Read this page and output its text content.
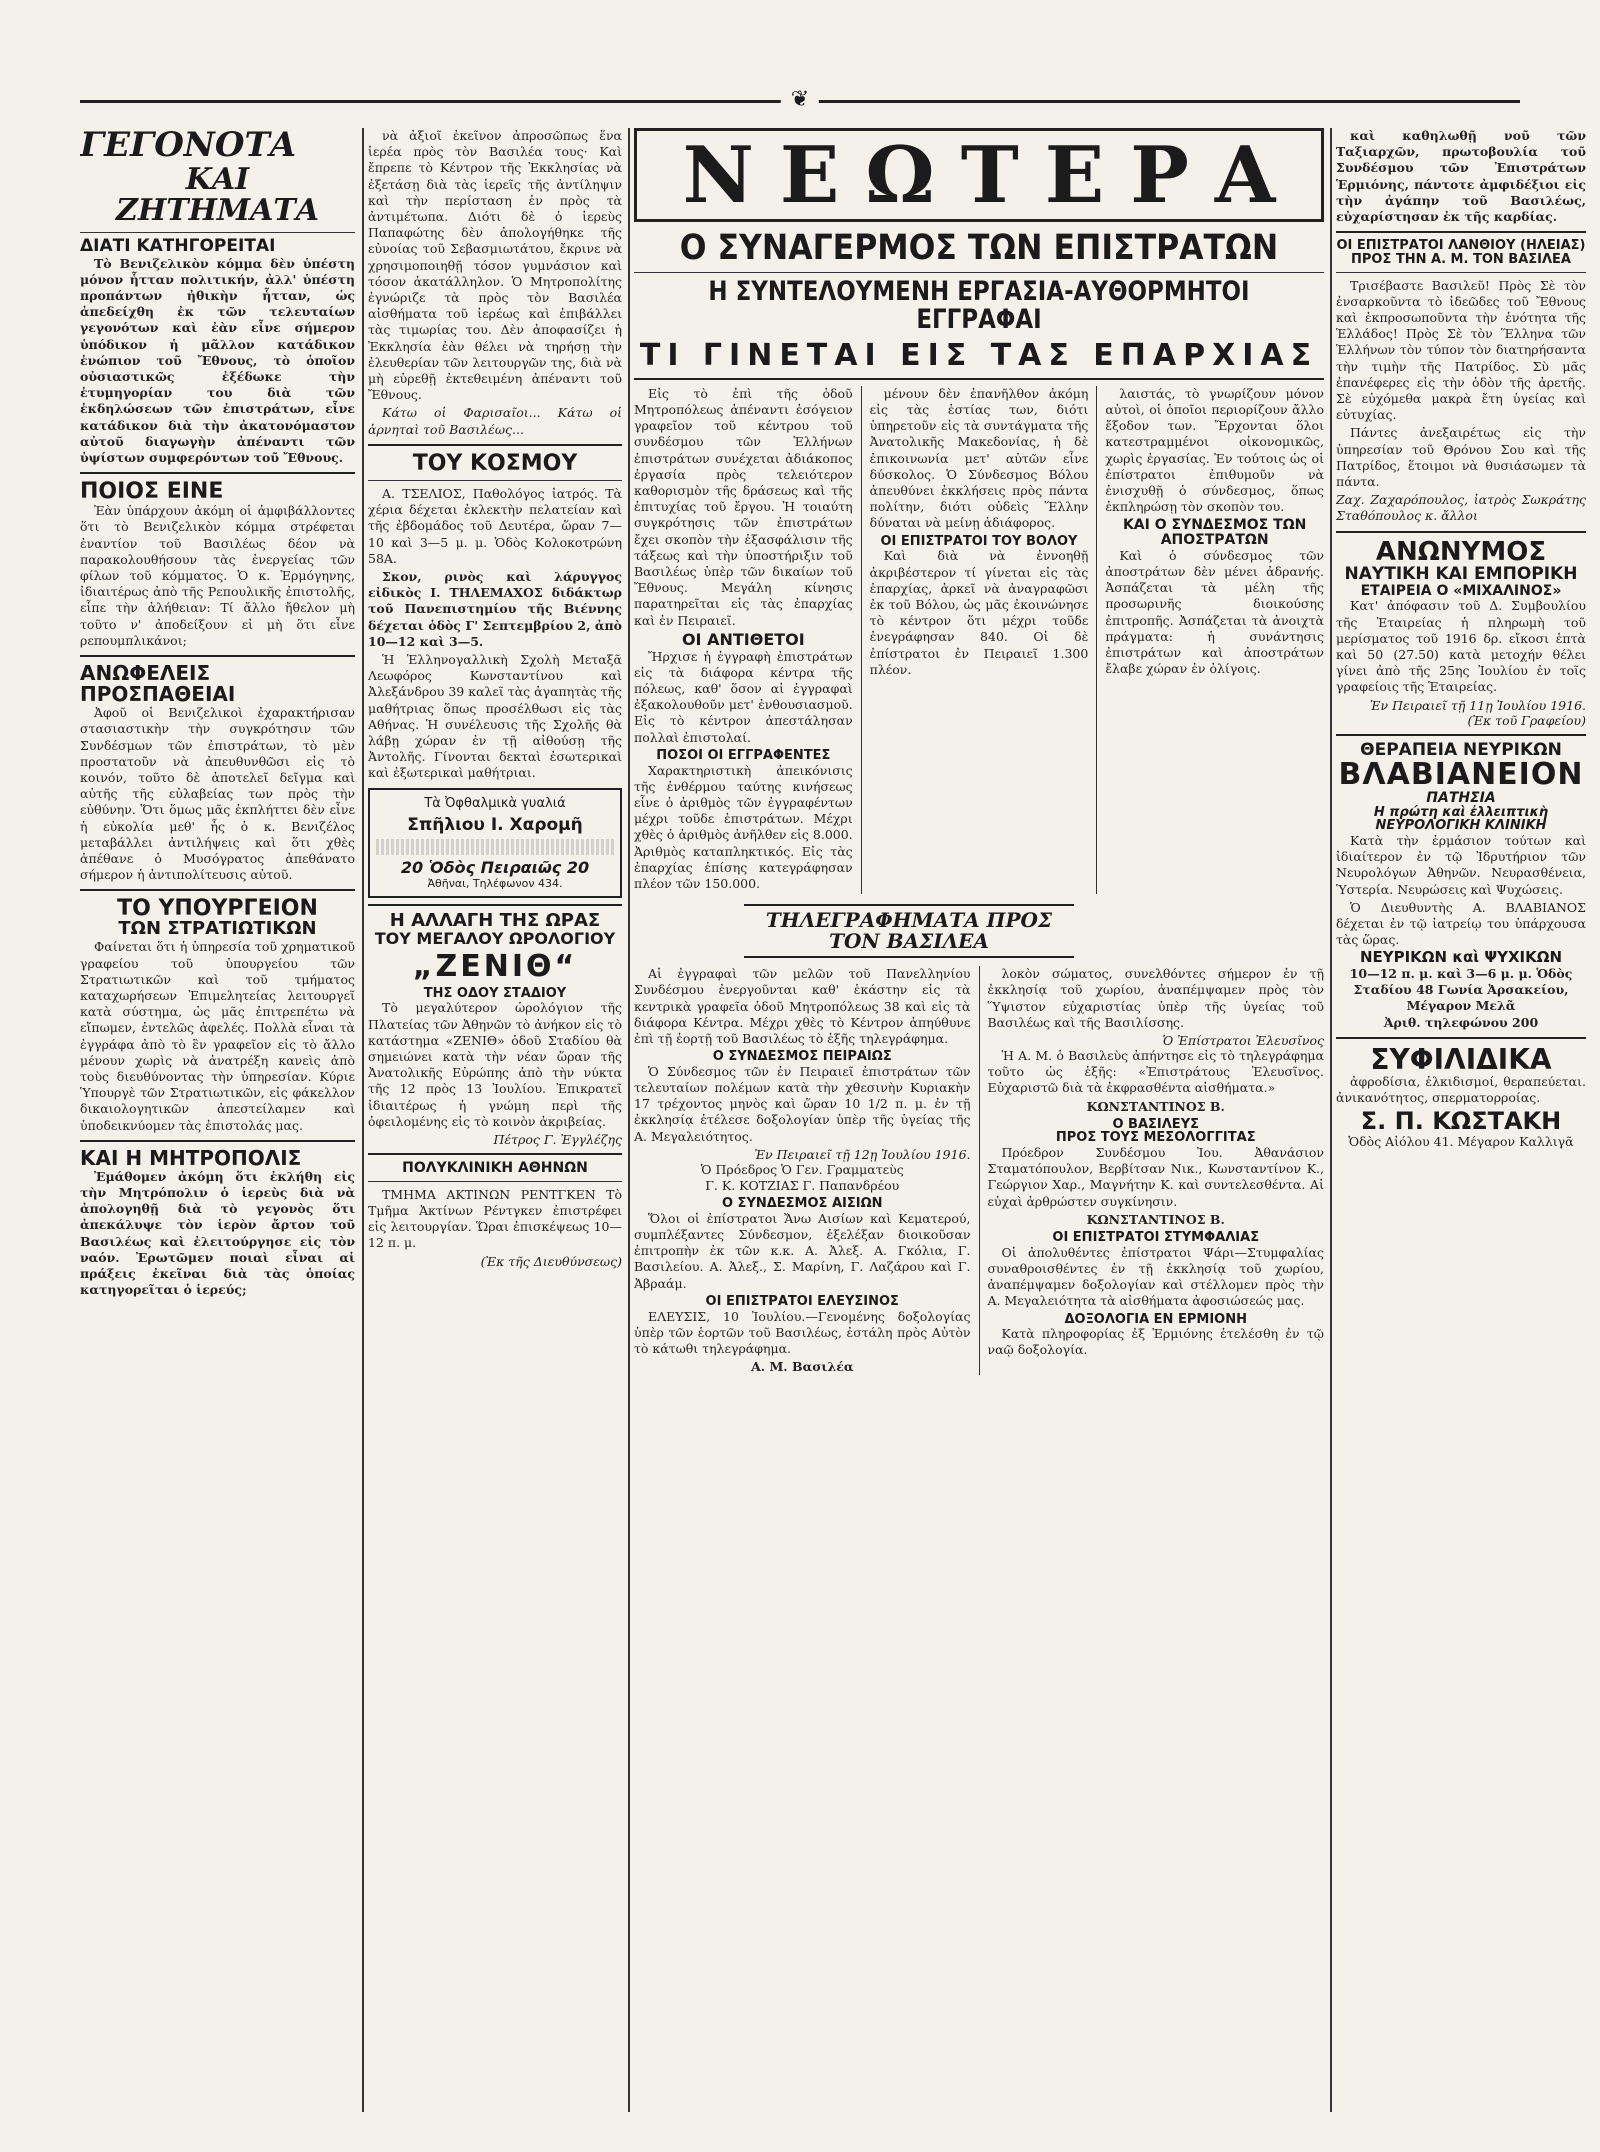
❦
ΓΕΓΟΝΟΤΑ
ΚΑΙ ΖΗΤΗΜΑΤΑ
ΔΙΑΤΙ ΚΑΤΗΓΟΡΕΙΤΑΙ

Τὸ Βενιζελικὸν κόμμα δὲν ὑπέστη μόνον ἧτταν πολιτικήν, ἀλλ' ὑπέστη προπάντων ἠθικὴν ἧτταν, ὡς ἀπεδείχθη ἐκ τῶν τελευταίων γεγονότων καὶ ἐὰν εἶνε σήμερον ὑπόδικον ἡ μᾶλλον κατάδικον ἐνώπιον τοῦ Ἔθνους, τὸ ὁποῖον οὐσιαστικῶς ἐξέδωκε τὴν ἐτυμηγορίαν του διὰ τῶν ἐκδηλώσεων τῶν ἐπιστράτων, εἶνε κατάδικον διὰ τὴν ἀκατονόμαστον αὐτοῦ διαγωγὴν ἀπέναντι τῶν ὑψίστων συμφερόντων τοῦ Ἔθνους.

ΠΟΙΟΣ ΕΙΝΕ

Ἐὰν ὑπάρχουν ἀκόμη οἱ ἀμφιβάλλοντες ὅτι τὸ Βενιζελικὸν κόμμα στρέφεται ἐναντίον τοῦ Βασιλέως δέον νὰ παρακολουθήσουν τὰς ἐνεργείας τῶν φίλων τοῦ κόμματος. Ὁ κ. Ἑρμόγηνης, ἰδιαιτέρως ἀπὸ τῆς Ρεπουλικῆς ἐπιστολῆς, εἶπε τὴν ἀλήθειαν: Τί ἄλλο ἤθελον μὴ τοῦτο ν' ἀποδείξουν εἰ μὴ ὅτι εἶνε ρεπουμπλικάνοι;

ΑΝΩΦΕΛΕΙΣ ΠΡΟΣΠΑΘΕΙΑΙ

Ἀφοῦ οἱ Βενιζελικοὶ ἐχαρακτήρισαν στασιαστικὴν τὴν συγκρότησιν τῶν Συνδέσμων τῶν ἐπιστράτων, τὸ μὲν προστατοῦν νὰ ἀπευθυνθῶσι εἰς τὸ κοινόν, τοῦτο δὲ ἀποτελεῖ δεῖγμα καὶ αὐτῆς τῆς εὐλαβείας των πρὸς τὴν εὐθύνην. Ὅτι ὅμως μᾶς ἐκπλήττει δὲν εἶνε ἡ εὐκολία μεθ' ἧς ὁ κ. Βενιζέλος μεταβάλλει ἀντιλήψεις καὶ ὅτι χθὲς ἀπέθανε ὁ Μυσόγρατος ἀπεθάνατο σήμερον ἡ ἀντιπολίτευσις αὐτοῦ.

ΤΟ ΥΠΟΥΡΓΕΙΟΝ
ΤΩΝ ΣΤΡΑΤΙΩΤΙΚΩΝ

Φαίνεται ὅτι ἡ ὑπηρεσία τοῦ χρηματικοῦ γραφείου τοῦ ὑπουργείου τῶν Στρατιωτικῶν καὶ τοῦ τμήματος καταχωρήσεων Ἐπιμελητείας λειτουργεῖ κατὰ σύστημα, ὡς μᾶς ἐπιτρεπέτω νὰ εἴπωμεν, ἐντελῶς ἀφελές. Πολλὰ εἶναι τὰ ἐγγράφα ἀπὸ τὸ ἓν γραφεῖον εἰς τὸ ἄλλο μένουν χωρὶς νὰ ἀνατρέξη κανεὶς ἀπὸ τοὺς διευθύνοντας τὴν ὑπηρεσίαν. Κύριε Ὑπουργὲ τῶν Στρατιωτικῶν, εἰς φάκελλον δικαιολογητικῶν ἀπεστείλαμεν καὶ ὑποδεικνύομεν τὰς ἐπιστολάς μας.

ΚΑΙ Η ΜΗΤΡΟΠΟΛΙΣ

Ἐμάθομεν ἀκόμη ὅτι ἐκλήθη εἰς τὴν Μητρόπολιν ὁ ἱερεὺς διὰ νὰ ἀπολογηθῇ διὰ τὸ γεγονὸς ὅτι ἀπεκάλυψε τὸν ἱερὸν ἄρτον τοῦ Βασιλέως καὶ ἐλειτούργησε εἰς τὸν ναόν. Ἐρωτῶμεν ποιαὶ εἶναι αἱ πράξεις ἐκεῖναι διὰ τὰς ὁποίας κατηγορεῖται ὁ ἱερεύς;

νὰ ἀξιοῖ ἐκεῖνον ἀπροσῶπως ἕνα ἱερέα πρὸς τὸν Βασιλέα τους· Καὶ ἔπρεπε τὸ Κέντρον τῆς Ἐκκλησίας νὰ ἐξετάσῃ διὰ τὰς ἱερεῖς τῆς ἀντίληψιν καὶ τὴν περίσταση ἐν πρὸς τὰ ἀντιμέτωπα. Διότι δὲ ὁ ἱερεὺς Παπαφώτης δὲν ἀπολογήθηκε τῆς εὐνοίας τοῦ Σεβασμιωτάτου, ἔκρινε νὰ χρησιμοποιηθῇ τόσον γυμνάσιον καὶ τόσον ἀκατάλληλον. Ὁ Μητροπολίτης ἐγνώριζε τὰ πρὸς τὸν Βασιλέα αἰσθήματα τοῦ ἱερέως καὶ ἐπιβάλλει τὰς τιμωρίας του. Δὲν ἀποφασίζει ἡ Ἐκκλησία ἐὰν θέλει νὰ τηρήσῃ τὴν ἐλευθερίαν τῶν λειτουργῶν της, διὰ νὰ μὴ εὑρεθῇ ἐκτεθειμένη ἀπέναντι τοῦ Ἔθνους.

Κάτω οἱ Φαρισαῖοι... Κάτω οἱ ἀρνηταὶ τοῦ Βασιλέως...

ΤΟΥ ΚΟΣΜΟΥ

Α. ΤΣΕΛΙΟΣ, Παθολόγος ἰατρός. Τὰ χέρια δέχεται ἐκλεκτὴν πελατείαν καὶ τῆς ἐβδομάδος τοῦ Δευτέρα, ὥραν 7—10 καὶ 3—5 μ. μ. Ὁδὸς Κολοκοτρώνη 58Α.

Σκον, ρινὸς καὶ λάρυγγος εἰδικὸς Ι. ΤΗΛΕΜΑΧΟΣ διδάκτωρ τοῦ Πανεπιστημίου τῆς Βιέννης δέχεται ὁδὸς Γ' Σεπτεμβρίου 2, ἀπὸ 10—12 καὶ 3—5.

Ἡ Ἑλληνογαλλικὴ Σχολὴ Μεταξᾶ Λεωφόρος Κωνσταντίνου καὶ Ἀλεξάνδρου 39 καλεῖ τὰς ἀγαπητὰς τῆς μαθήτριας ὅπως προσέλθωσι εἰς τὰς Αθήνας. Ἡ συνέλευσις τῆς Σχολῆς θὰ λάβῃ χώραν ἐν τῇ αἰθούσῃ τῆς Ἀντολῆς. Γίνονται δεκταὶ ἐσωτερικαὶ καὶ ἐξωτερικαὶ μαθήτριαι.

Τὰ Ὀφθαλμικὰ γυαλιά
Σπῆλιου Ι. Χαρομῆ
20 Ὁδὸς Πειραιῶς 20
Ἀθῆναι, Τηλέφωνον 434.
Η ΑΛΛΑΓΗ ΤΗΣ ΩΡΑΣ
ΤΟΥ ΜΕΓΑΛΟΥ ΩΡΟΛΟΓΙΟΥ
„ΖΕΝΙΘ“
ΤΗΣ ΟΔΟΥ ΣΤΑΔΙΟΥ

Τὸ μεγαλύτερον ὡρολόγιον τῆς Πλατείας τῶν Ἀθηνῶν τὸ ἀνήκον εἰς τὸ κατάστημα «ΖΕΝΙΘ» ὁδοῦ Σταδίου θὰ σημειώνει κατὰ τὴν νέαν ὥραν τῆς Ἀνατολικῆς Εὐρώπης ἀπὸ τὴν νύκτα τῆς 12 πρὸς 13 Ἰουλίου. Ἐπικρατεῖ ἰδιαιτέρως ἡ γνώμη περὶ τῆς ὀφειλομένης εἰς τὸ κοινὸν ἀκριβείας.

Πέτρος Γ. Ἐγγλέζης
ΠΟΛΥΚΛΙΝΙΚΗ ΑΘΗΝΩΝ

ΤΜΗΜΑ ΑΚΤΙΝΩΝ ΡΕΝΤΓΚΕΝ Τὸ Τμῆμα Ἀκτίνων Ρέντγκεν ἐπιστρέφει εἰς λειτουργίαν. Ὥραι ἐπισκέψεως 10—12 π. μ.

(Ἐκ τῆς Διευθύνσεως)
ΝΕΩΤΕΡΑ
Ο ΣΥΝΑΓΕΡΜΟΣ ΤΩΝ ΕΠΙΣΤΡΑΤΩΝ
Η ΣΥΝΤΕΛΟΥΜΕΝΗ ΕΡΓΑΣΙΑ-ΑΥΘΟΡΜΗΤΟΙ ΕΓΓΡΑΦΑΙ
ΤΙ ΓΙΝΕΤΑΙ ΕΙΣ ΤΑΣ ΕΠΑΡΧΙΑΣ

Εἰς τὸ ἐπὶ τῆς ὁδοῦ Μητροπόλεως ἀπέναντι ἐσόγειον γραφεῖον τοῦ κέντρου τοῦ συνδέσμου τῶν Ἑλλήνων ἐπιστράτων συνέχεται ἀδιάκοπος ἐργασία πρὸς τελειότερον καθορισμὸν τῆς δράσεως καὶ τῆς ἐπιτυχίας τοῦ ἔργου. Ἡ τοιαύτη συγκρότησις τῶν ἐπιστράτων ἔχει σκοπὸν τὴν ἐξασφάλισιν τῆς τάξεως καὶ τὴν ὑποστήριξιν τοῦ Βασιλέως ὑπὲρ τῶν δικαίων τοῦ Ἔθνους. Μεγάλη κίνησις παρατηρεῖται εἰς τὰς ἐπαρχίας καὶ ἐν Πειραιεῖ.

ΟΙ ΑΝΤΙΘΕΤΟΙ

Ἤρχισε ἡ ἐγγραφὴ ἐπιστράτων εἰς τὰ διάφορα κέντρα τῆς πόλεως, καθ' ὅσον αἱ ἐγγραφαὶ ἐξακολουθοῦν μετ' ἐνθουσιασμοῦ. Εἰς τὸ κέντρον ἀπεστάλησαν πολλαὶ ἐπιστολαί.

ΠΟΣΟΙ ΟΙ ΕΓΓΡΑΦΕΝΤΕΣ

Χαρακτηριστικὴ ἀπεικόνισις τῆς ἐνθέρμου ταύτης κινήσεως εἶνε ὁ ἀριθμὸς τῶν ἐγγραφέντων μέχρι τοῦδε ἐπιστράτων. Μέχρι χθὲς ὁ ἀριθμὸς ἀνῆλθεν εἰς 8.000. Ἀριθμὸς καταπληκτικός. Εἰς τὰς ἐπαρχίας ἐπίσης κατεγράφησαν πλέον τῶν 150.000.

μένουν δὲν ἐπανῆλθον ἀκόμη εἰς τὰς ἑστίας των, διότι ὑπηρετοῦν εἰς τὰ συντάγματα τῆς Ἀνατολικῆς Μακεδονίας, ἡ δὲ ἐπικοινωνία μετ' αὐτῶν εἶνε δύσκολος. Ὁ Σύνδεσμος Βόλου ἀπευθύνει ἐκκλήσεις πρὸς πάντα πολίτην, διότι οὐδεὶς Ἕλλην δύναται νὰ μείνῃ ἀδιάφορος.

ΟΙ ΕΠΙΣΤΡΑΤΟΙ ΤΟΥ ΒΟΛΟΥ

Καὶ διὰ νὰ ἐννοηθῇ ἀκριβέστερον τί γίνεται εἰς τὰς ἐπαρχίας, ἀρκεῖ νὰ ἀναγραφῶσι ἐκ τοῦ Βόλου, ὡς μᾶς ἐκοινώνησε τὸ κέντρον ὅτι μέχρι τοῦδε ἐνεγράφησαν 840. Οἱ δὲ ἐπίστρατοι ἐν Πειραιεῖ 1.300 πλέον.

λαιστάς, τὸ γνωρίζουν μόνον αὐτοὶ, οἱ ὁποῖοι περιορίζουν ἄλλο ἔξοδον των. Ἔρχονται ὅλοι κατεστραμμένοι οἰκονομικῶς, χωρὶς ἐργασίας. Ἐν τούτοις ὡς οἱ ἐπίστρατοι ἐπιθυμοῦν νὰ ἐνισχυθῇ ὁ σύνδεσμος, ὅπως ἐκπληρώσῃ τὸν σκοπὸν του.

ΚΑΙ Ο ΣΥΝΔΕΣΜΟΣ ΤΩΝ ΑΠΟΣΤΡΑΤΩΝ

Καὶ ὁ σύνδεσμος τῶν ἀποστράτων δὲν μένει ἀδρανής. Ἀσπάζεται τὰ μέλη τῆς προσωρινῆς διοικούσης ἐπιτροπῆς. Ἀσπάζεται τὰ ἀνοιχτὰ πράγματα: ἡ συνάντησις ἐπιστράτων καὶ ἀποστράτων ἔλαβε χώραν ἐν ὀλίγοις.

ΤΗΛΕΓΡΑΦΗΜΑΤΑ ΠΡΟΣ ΤΟΝ ΒΑΣΙΛΕΑ

Αἱ ἐγγραφαὶ τῶν μελῶν τοῦ Πανελληνίου Συνδέσμου ἐνεργοῦνται καθ' ἑκάστην εἰς τὰ κεντρικὰ γραφεῖα ὁδοῦ Μητροπόλεως 38 καὶ εἰς τὰ διάφορα Κέντρα. Μέχρι χθὲς τὸ Κέντρον ἀπηύθυνε ἐπὶ τῇ ἐορτῇ τοῦ Βασιλέως τὸ ἑξῆς τηλεγράφημα.

Ο ΣΥΝΔΕΣΜΟΣ ΠΕΙΡΑΙΩΣ

Ὁ Σύνδεσμος τῶν ἐν Πειραιεῖ ἐπιστράτων τῶν τελευταίων πολέμων κατὰ τὴν χθεσινὴν Κυριακὴν 17 τρέχοντος μηνὸς καὶ ὥραν 10 1/2 π. μ. ἐν τῇ ἐκκλησίᾳ ἐτέλεσε δοξολογίαν ὑπὲρ τῆς ὑγείας τῆς Α. Μεγαλειότητος.

Ἐν Πειραιεῖ τῇ 12ῃ Ἰουλίου 1916.
Ὁ Πρόεδρος Ὁ Γεν. Γραμματεὺς
Γ. Κ. ΚΟΤΖΙΑΣ Γ. Παπανδρέου
Ο ΣΥΝΔΕΣΜΟΣ ΑΙΣΙΩΝ

Ὅλοι οἱ ἐπίστρατοι Ἄνω Αισίων καὶ Κεματερού, συμπλέξαντες Σύνδεσμον, ἐξελέξαν διοικοῦσαν ἐπιτροπὴν ἐκ τῶν κ.κ. Α. Ἀλεξ. Α. Γκόλια, Γ. Βασιλείου. Α. Ἀλεξ., Σ. Μαρίνη, Γ. Λαζάρου καὶ Γ. Ἀβραάμ.

ΟΙ ΕΠΙΣΤΡΑΤΟΙ ΕΛΕΥΣΙΝΟΣ

ΕΛΕΥΣΙΣ, 10 Ἰουλίου.—Γενομένης δοξολογίας ὑπὲρ τῶν ἑορτῶν τοῦ Βασιλέως, ἐστάλη πρὸς Αὐτὸν τὸ κάτωθι τηλεγράφημα.

Α. Μ. Βασιλέα

λοκὸν σώματος, συνελθόντες σήμερον ἐν τῇ ἐκκλησίᾳ τοῦ χωρίου, ἀναπέμψαμεν πρὸς τὸν Ὕψιστον εὐχαριστίας ὑπὲρ τῆς ὑγείας τοῦ Βασιλέως καὶ τῆς Βασιλίσσης.

Ὁ Ἐπίστρατοι Ἐλευσῖνος

Ἡ Α. Μ. ὁ Βασιλεὺς ἀπήντησε εἰς τὸ τηλεγράφημα τοῦτο ὡς ἑξῆς: «Ἐπιστράτους Ἐλευσῖνος. Εὐχαριστῶ διὰ τὰ ἐκφρασθέντα αἰσθήματα.»

ΚΩΝΣΤΑΝΤΙΝΟΣ Β.
Ο ΒΑΣΙΛΕΥΣ
ΠΡΟΣ ΤΟΥΣ ΜΕΣΟΛΟΓΓΙΤΑΣ

Πρόεδρον Συνδέσμου Ἰου. Ἀθανάσιον Σταματόπουλον, Βερβίτσαν Νικ., Κωνσταντίνον Κ., Γεώργιον Χαρ., Μαγνήτην Κ. καὶ συντελεσθέντα. Αἱ εὐχαὶ ἀρθρώστεν συγκίνησιν.

ΚΩΝΣΤΑΝΤΙΝΟΣ Β.
ΟΙ ΕΠΙΣΤΡΑΤΟΙ ΣΤΥΜΦΑΛΙΑΣ

Οἱ ἀπολυθέντες ἐπίστρατοι Ψάρι—Στυμφαλίας συναθροισθέντες ἐν τῇ ἐκκλησίᾳ τοῦ χωρίου, ἀναπέμψαμεν δοξολογίαν καὶ στέλλομεν πρὸς τὴν Α. Μεγαλειότητα τὰ αἰσθήματα ἀφοσιώσεώς μας.

ΔΟΞΟΛΟΓΙΑ ΕΝ ΕΡΜΙΟΝΗ

Κατὰ πληροφορίας ἐξ Ἑρμιόνης ἐτελέσθη ἐν τῷ ναῷ δοξολογία.

καὶ καθηλωθῇ νοῦ τῶν Ταξιαρχῶν, πρωτοβουλία τοῦ Συνδέσμου τῶν Ἐπιστράτων Ἑρμιόνης, πάντοτε ἀμφιδέξιοι εἰς τὴν ἀγάπην τοῦ Βασιλέως, εὐχαρίστησαν ἐκ τῆς καρδίας.

ΟΙ ΕΠΙΣΤΡΑΤΟΙ ΛΑΝΘΙΟΥ (ΗΛΕΙΑΣ) ΠΡΟΣ ΤΗΝ Α. Μ. ΤΟΝ ΒΑΣΙΛΕΑ

Τρισέβαστε Βασιλεῦ! Πρὸς Σὲ τὸν ἐνσαρκοῦντα τὸ ἰδεῶδες τοῦ Ἔθνους καὶ ἐκπροσωποῦντα τὴν ἑνότητα τῆς Ἑλλάδος! Πρὸς Σὲ τὸν Ἕλληνα τῶν Ἑλλήνων τὸν τύπον τὸν διατηρήσαντα τὴν τιμὴν τῆς Πατρίδος. Σὺ μᾶς ἐπανέφερες εἰς τὴν ὁδὸν τῆς ἀρετῆς. Σὲ εὐχόμεθα μακρὰ ἔτη ὑγείας καὶ εὐτυχίας.

Πάντες ἀνεξαιρέτως εἰς τὴν ὑπηρεσίαν τοῦ Θρόνου Σου καὶ τῆς Πατρίδος, ἕτοιμοι νὰ θυσιάσωμεν τὰ πάντα.

Ζαχ. Ζαχαρόπουλος, ἰατρὸς Σωκράτης Σταθόπουλος κ. ἄλλοι
ΑΝΩΝΥΜΟΣ
ΝΑΥΤΙΚΗ ΚΑΙ ΕΜΠΟΡΙΚΗ
ΕΤΑΙΡΕΙΑ Ο «ΜΙΧΑΛΙΝΟΣ»

Κατ' ἀπόφασιν τοῦ Δ. Συμβουλίου τῆς Ἑταιρείας ἡ πληρωμὴ τοῦ μερίσματος τοῦ 1916 δρ. εἴκοσι ἑπτὰ καὶ 50 (27.50) κατὰ μετοχήν θέλει γίνει ἀπὸ τῆς 25ης Ἰουλίου ἐν τοῖς γραφείοις τῆς Ἑταιρείας.

Ἐν Πειραιεῖ τῇ 11ῃ Ἰουλίου 1916.
(Ἐκ τοῦ Γραφείου)
ΘΕΡΑΠΕΙΑ ΝΕΥΡΙΚΩΝ
ΒΛΑΒΙΑΝΕΙΟΝ
ΠΑΤΗΣΙΑ
Η πρώτη καὶ ἐλλειπτικὴ ΝΕΥΡΟΛΟΓΙΚΗ ΚΛΙΝΙΚΗ

Κατὰ τὴν ἐρμάσιον τούτων καὶ ἰδιαίτερον ἐν τῷ Ἰδρυτήριον τῶν Νευρολόγων Ἀθηνῶν. Νευρασθένεια, Ὑστερία. Νευρώσεις καὶ Ψυχώσεις.

Ὁ Διευθυντὴς Α. ΒΛΑΒΙΑΝΟΣ δέχεται ἐν τῷ ἰατρείῳ του ὑπάρχουσα τὰς ὥρας.

ΝΕΥΡΙΚΩΝ καὶ ΨΥΧΙΚΩΝ
10—12 π. μ. καὶ 3—6 μ. μ. Ὁδὸς Σταδίου 48 Γωνία Ἀρσακείου, Μέγαρον Μελᾶ
Ἀριθ. τηλεφώνου 200
ΣΥΦΙΛΙΔΙΚΑ

ἀφροδίσια, ἐλκιδισμοί, θεραπεύεται. ἀνικανότητος, σπερματορροίας.

Σ. Π. ΚΩΣΤΑΚΗ
Ὁδὸς Αἰόλου 41. Μέγαρον Καλλιγᾶ
